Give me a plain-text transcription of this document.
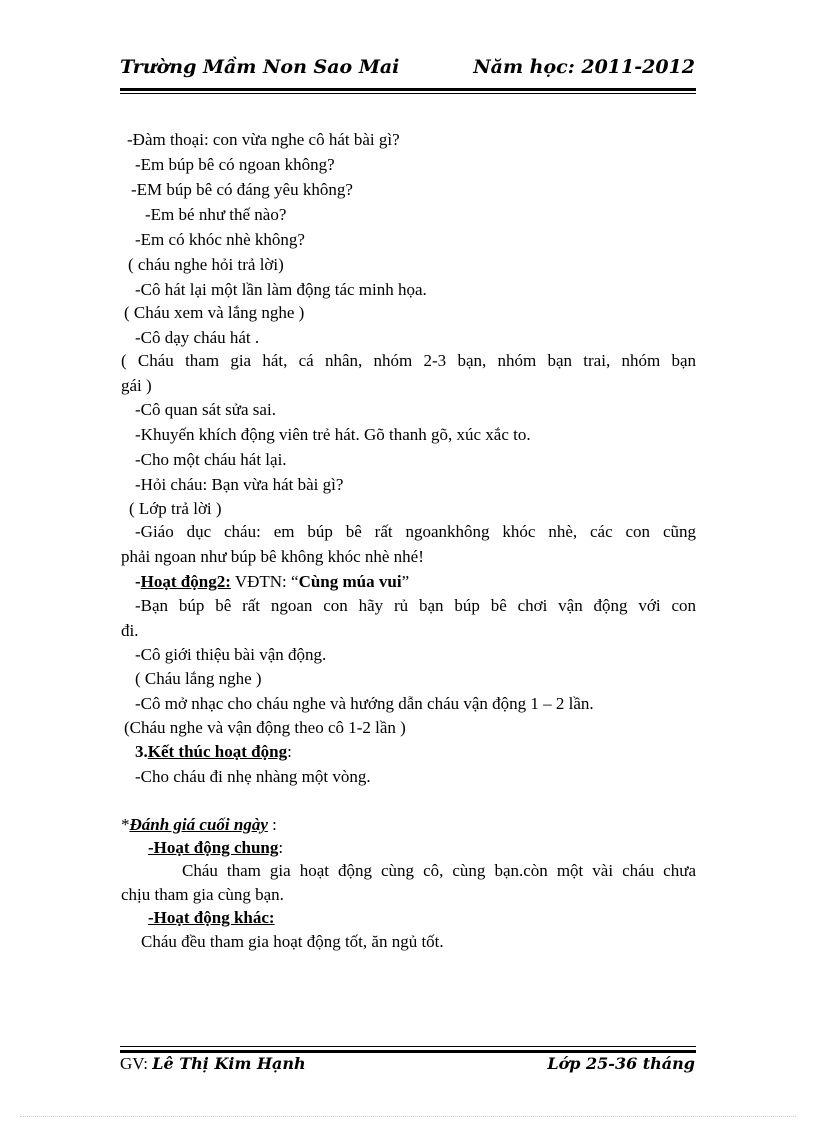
Trường Mầm Non Sao Mai	Năm học: 2011-2012
-Đàm thoại: con vừa nghe cô hát bài gì?
-Em búp bê có ngoan không?
-EM búp bê có đáng yêu không?
-Em bé như thế nào?
-Em có khóc nhè không?
( cháu nghe hỏi trả lời)
-Cô hát lại một lần làm động tác minh họa.
( Cháu xem và lắng nghe )
-Cô dạy cháu hát .
( Cháu tham gia hát, cá nhân, nhóm 2-3 bạn, nhóm bạn trai, nhóm bạn
gái )
-Cô quan sát sửa sai.
-Khuyến khích động viên trẻ hát. Gõ thanh gõ, xúc xắc to.
-Cho một cháu hát lại.
-Hỏi cháu: Bạn vừa hát bài gì?
( Lớp trả lời )
-Giáo dục cháu: em búp bê rất ngoankhông khóc nhè, các con cũng
phải ngoan như búp bê không khóc nhè nhé!
-Hoạt động2: VĐTN: “Cùng múa vui”
-Bạn búp bê rất ngoan con hãy rủ bạn búp bê chơi vận động với con
đi.
-Cô giới thiệu bài vận động.
( Cháu lắng nghe )
-Cô mở nhạc cho cháu nghe và hướng dẫn cháu vận động 1 – 2 lần.
(Cháu nghe và vận động theo cô 1-2 lần )
3.Kết thúc hoạt động:
-Cho cháu đi nhẹ nhàng một vòng.
*Đánh giá cuối ngày :
-Hoạt động chung:
Cháu tham gia hoạt động cùng cô, cùng bạn.còn một vài cháu chưa
chịu tham gia cùng bạn.
-Hoạt động khác:
Cháu đều tham gia hoạt động tốt, ăn ngủ tốt.
GV: Lê Thị Kim Hạnh	Lớp 25-36 tháng
